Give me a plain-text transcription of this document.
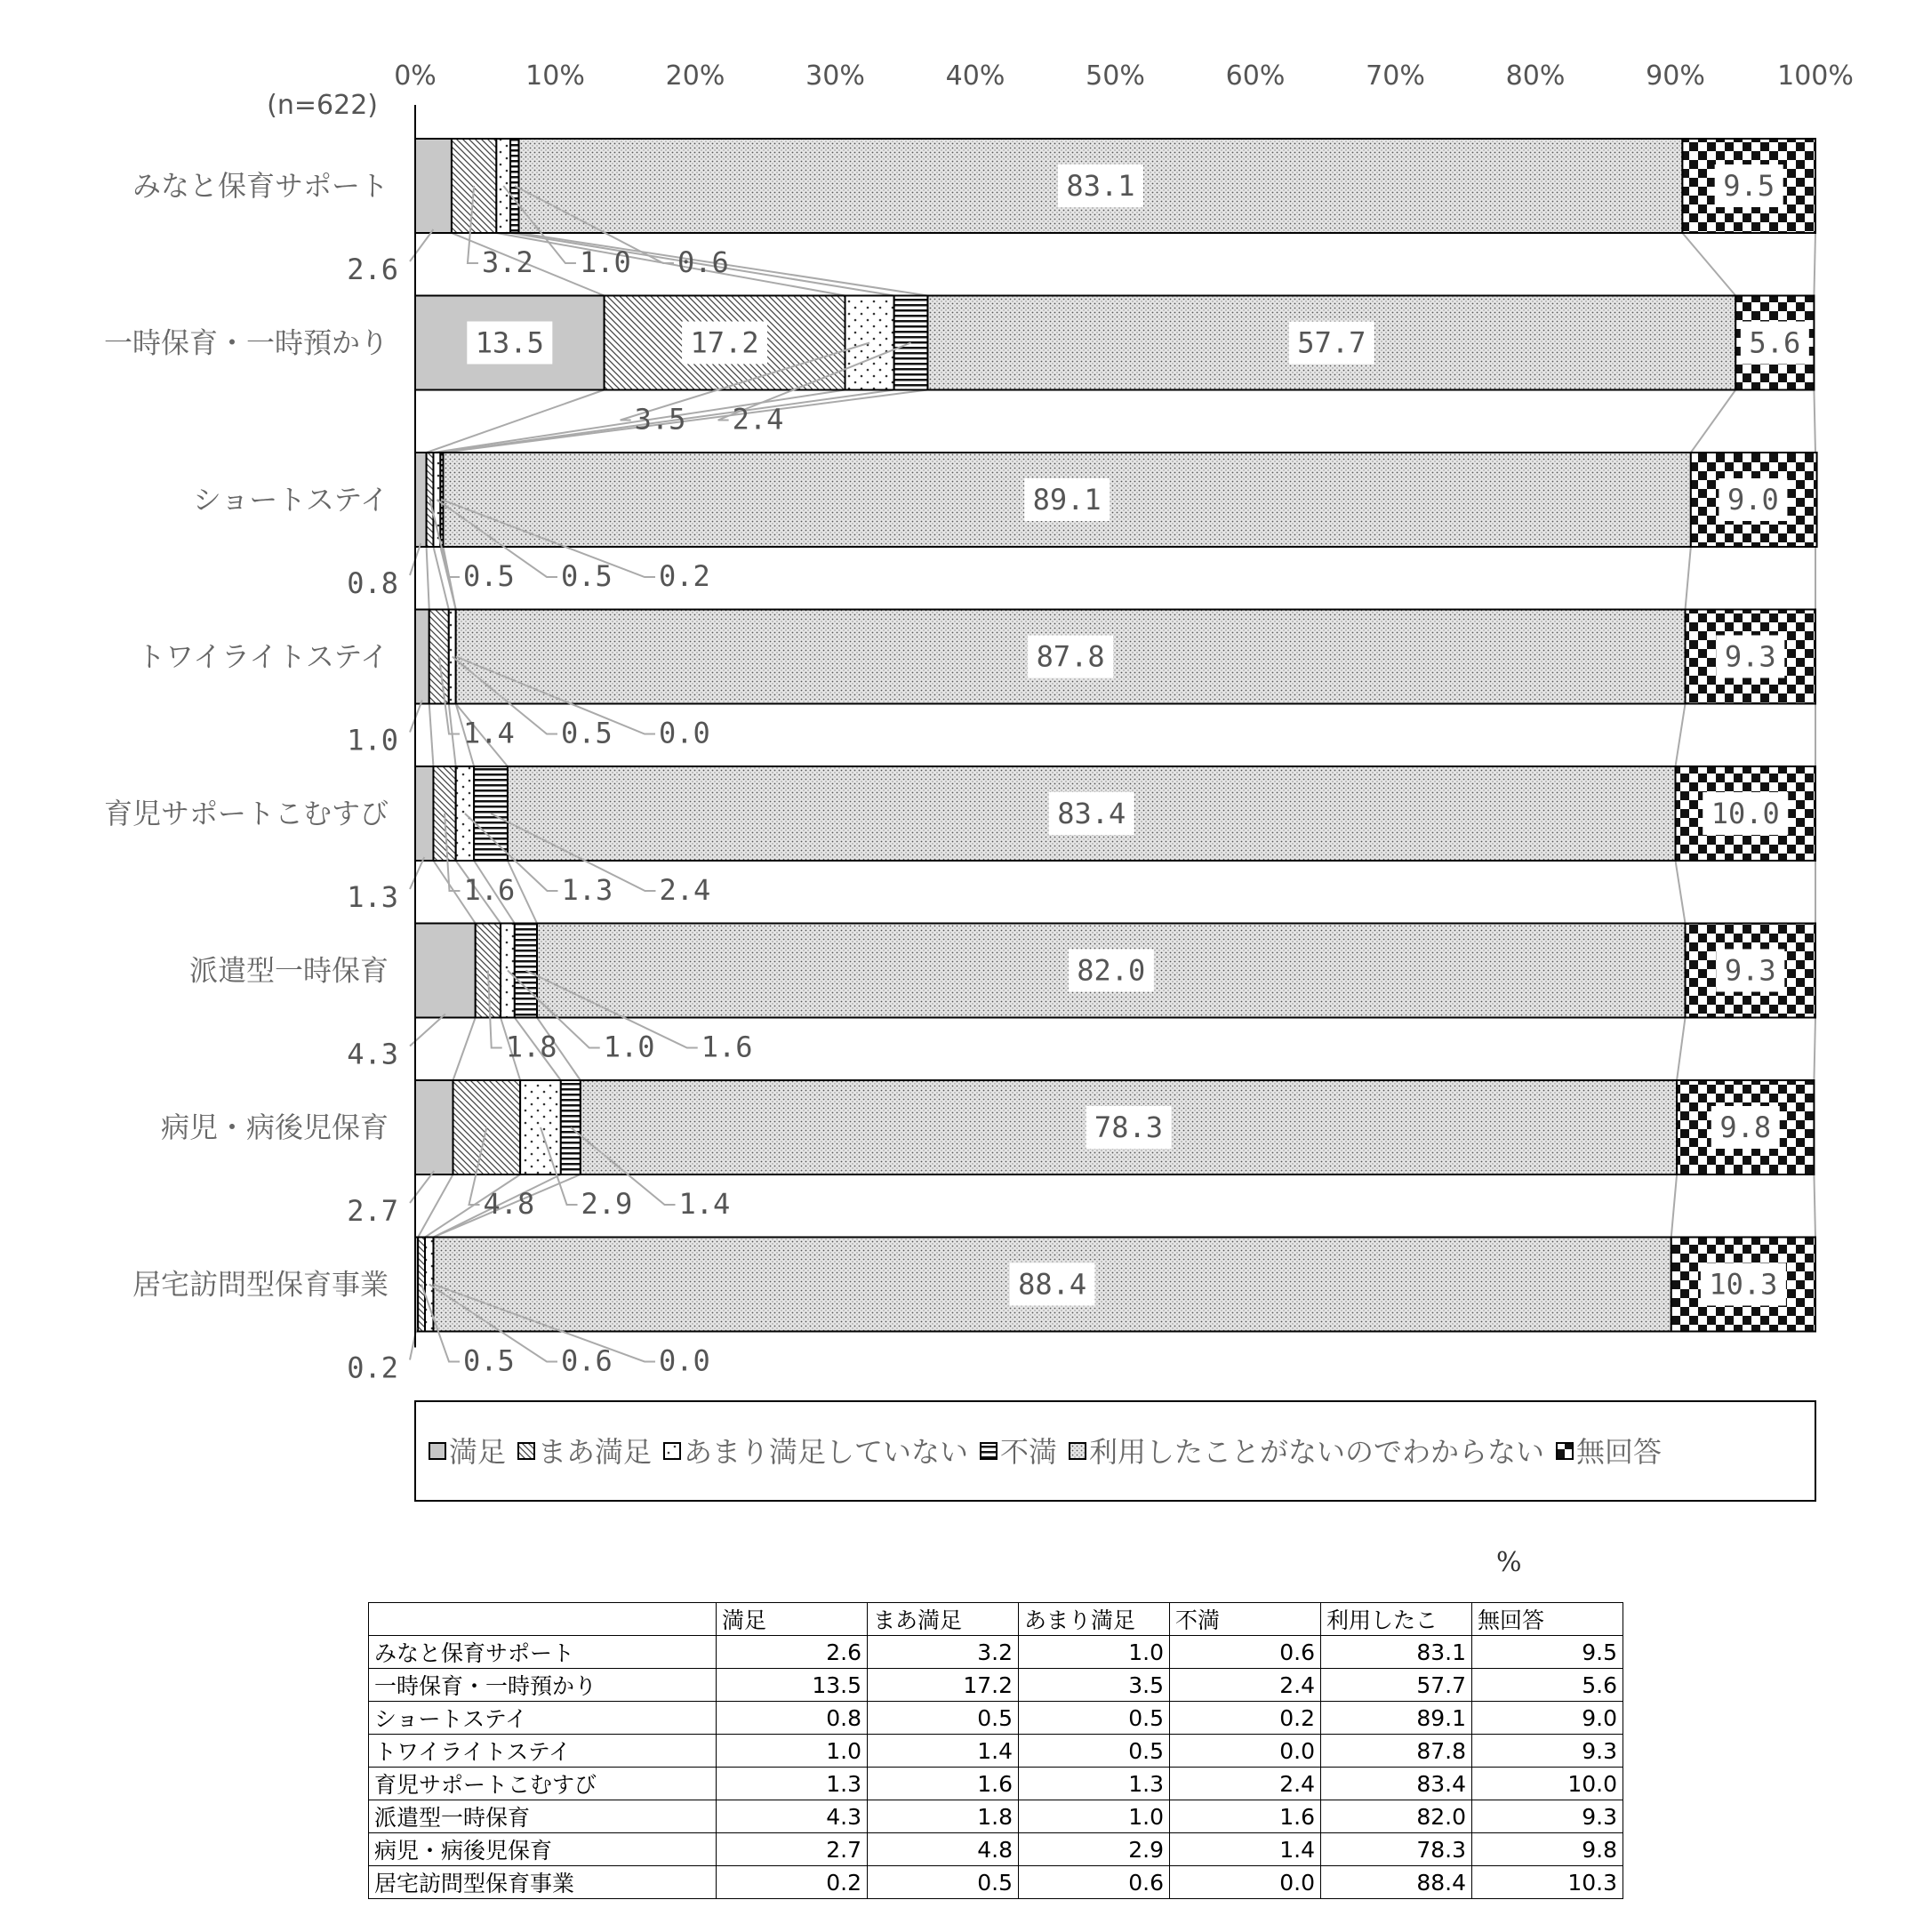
2.6	3.2 1.0 0.6
83.1	9.5
13.5	17.2
3.5 2.4
57.7	5.6
0.8 0.5 0.5 0.2
89.1	9.0
1.0 1.4 0.5 0.0
87.8	9.3
1.3 1.6 1.3 2.4
83.4	10.0
4.3	1.8 1.0 1.6
82.0	9.3
2.7	4.8 2.9 1.4
78.3	9.8
0.2 0.5 0.6 0.0
88.4	10.3
0%	10%	20%	30%	40%	50%	60%	70%	80%	90%	100%
(n=622)
みなと保育サポート
一時保育・一時預かり
ショートステイ
トワイライトステイ
育児サポートこむすび
派遣型一時保育
病児・病後児保育
居宅訪問型保育事業
満足 まあ満足 あまり満足していない 不満 利用したことがないのでわからない 無回答
%
	満足	まあ満足	あまり満足	不満	利用したこ	無回答
みなと保育サポート	2.6	3.2	1.0	0.6	83.1	9.5
一時保育・一時預かり	13.5	17.2	3.5	2.4	57.7	5.6
ショートステイ	0.8	0.5	0.5	0.2	89.1	9.0
トワイライトステイ	1.0	1.4	0.5	0.0	87.8	9.3
育児サポートこむすび	1.3	1.6	1.3	2.4	83.4	10.0
派遣型一時保育	4.3	1.8	1.0	1.6	82.0	9.3
病児・病後児保育	2.7	4.8	2.9	1.4	78.3	9.8
居宅訪問型保育事業	0.2	0.5	0.6	0.0	88.4	10.3
